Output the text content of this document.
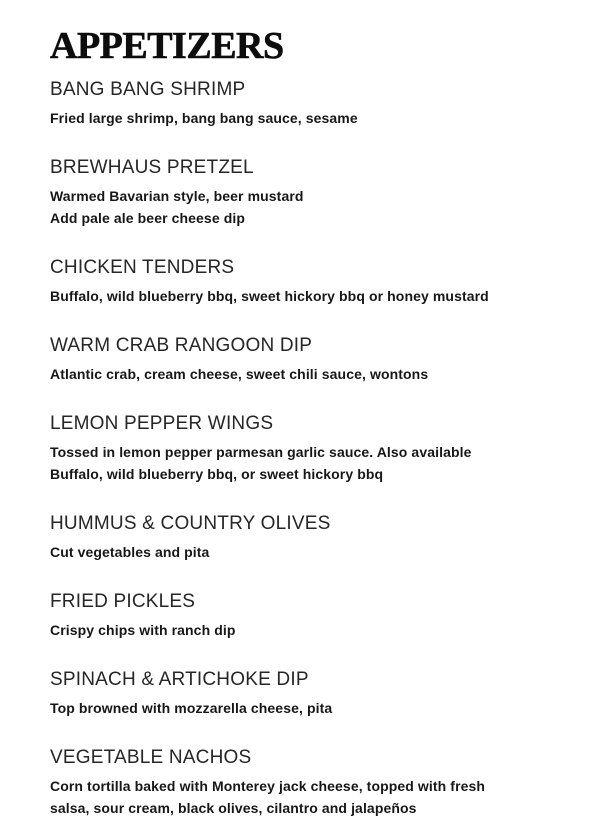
APPETIZERS
BANG BANG SHRIMP
Fried large shrimp, bang bang sauce, sesame
BREWHAUS PRETZEL
Warmed Bavarian style, beer mustard
Add pale ale beer cheese dip
CHICKEN TENDERS
Buffalo, wild blueberry bbq, sweet hickory bbq or honey mustard
WARM CRAB RANGOON DIP
Atlantic crab, cream cheese, sweet chili sauce, wontons
LEMON PEPPER WINGS
Tossed in lemon pepper parmesan garlic sauce. Also available
Buffalo, wild blueberry bbq, or sweet hickory bbq
HUMMUS & COUNTRY OLIVES
Cut vegetables and pita
FRIED PICKLES
Crispy chips with ranch dip
SPINACH & ARTICHOKE DIP
Top browned with mozzarella cheese, pita
VEGETABLE NACHOS
Corn tortilla baked with Monterey jack cheese, topped with fresh
salsa, sour cream, black olives, cilantro and jalapeños
